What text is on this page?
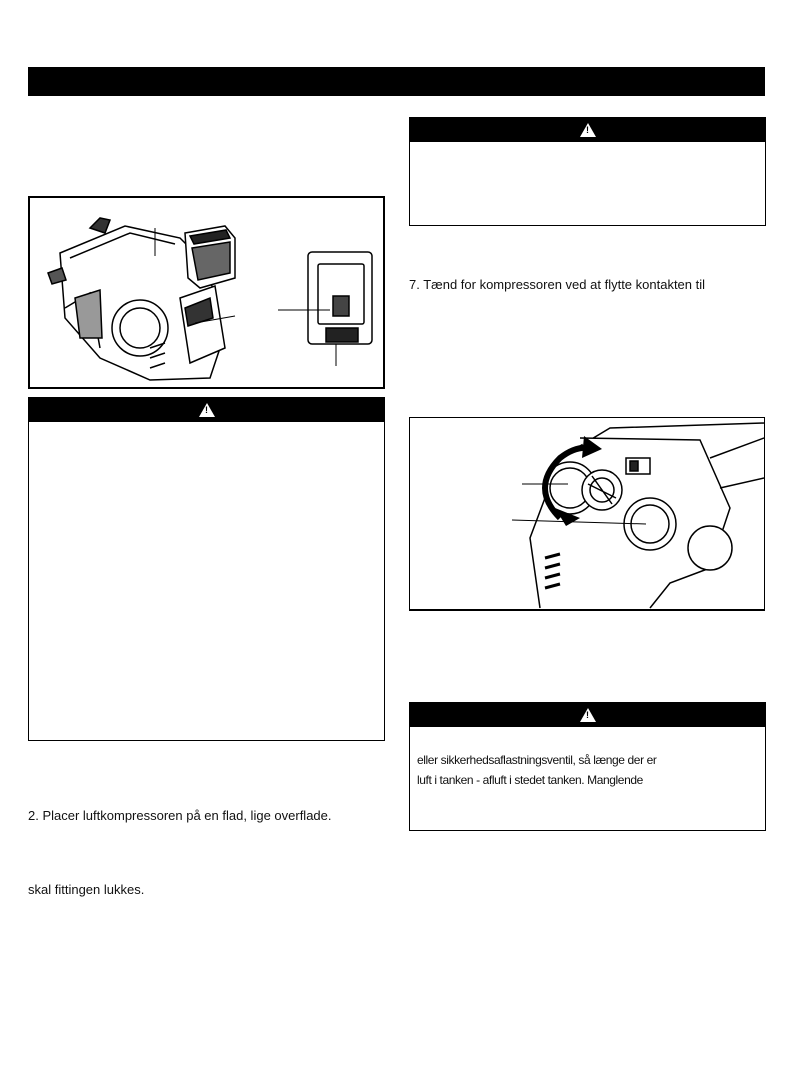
!
2. Placer luftkompressoren på en flad, lige overflade.
skal fittingen lukkes.
!
7. Tænd for kompressoren ved at flytte kontakten til
!
eller sikkerhedsaflastningsventil, så længe der er
luft i tanken - afluft i stedet tanken. Manglende
